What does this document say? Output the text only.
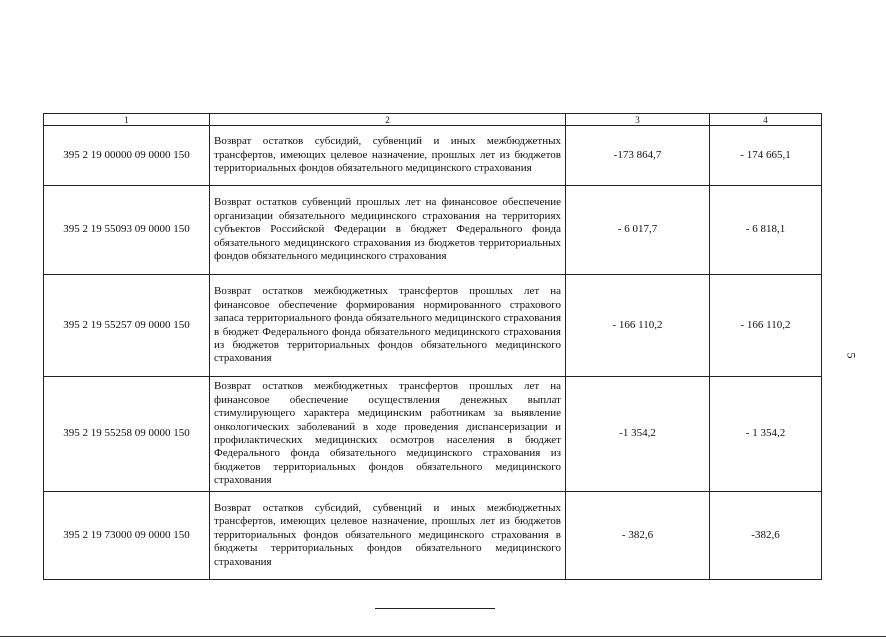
1	2	3	4
395 2 19 00000 09 0000 150	Возврат остатков субсидий, субвенций и иных межбюджетных трансфертов, имеющих целевое назначение, прошлых лет из бюджетов территориальных фондов обязательного медицинского страхования	-173 864,7	- 174 665,1
395 2 19 55093 09 0000 150	Возврат остатков субвенций прошлых лет на финансовое обеспечение организации обязательного медицинского страхования на территориях субъектов Российской Федерации в бюджет Федерального фонда обязательного медицинского страхования из бюджетов территориальных фондов обязательного медицинского страхования	- 6 017,7	- 6 818,1
395 2 19 55257 09 0000 150	Возврат остатков межбюджетных трансфертов прошлых лет на финансовое обеспечение формирования нормированного страхового запаса территориального фонда обязательного медицинского страхования в бюджет Федерального фонда обязательного медицинского страхования из бюджетов территориальных фондов обязательного медицинского страхования	- 166 110,2	- 166 110,2
395 2 19 55258 09 0000 150	Возврат остатков межбюджетных трансфертов прошлых лет на финансовое обеспечение осуществления денежных выплат стимулирующего характера медицинским работникам за выявление онкологических заболеваний в ходе проведения диспансеризации и профилактических медицинских осмотров населения в бюджет Федерального фонда обязательного медицинского страхования из бюджетов территориальных фондов обязательного медицинского страхования	-1 354,2	- 1 354,2
395 2 19 73000 09 0000 150	Возврат остатков субсидий, субвенций и иных межбюджетных трансфертов, имеющих целевое назначение, прошлых лет из бюджетов территориальных фондов обязательного медицинского страхования в бюджеты территориальных фондов обязательного медицинского страхования	- 382,6	-382,6
5
